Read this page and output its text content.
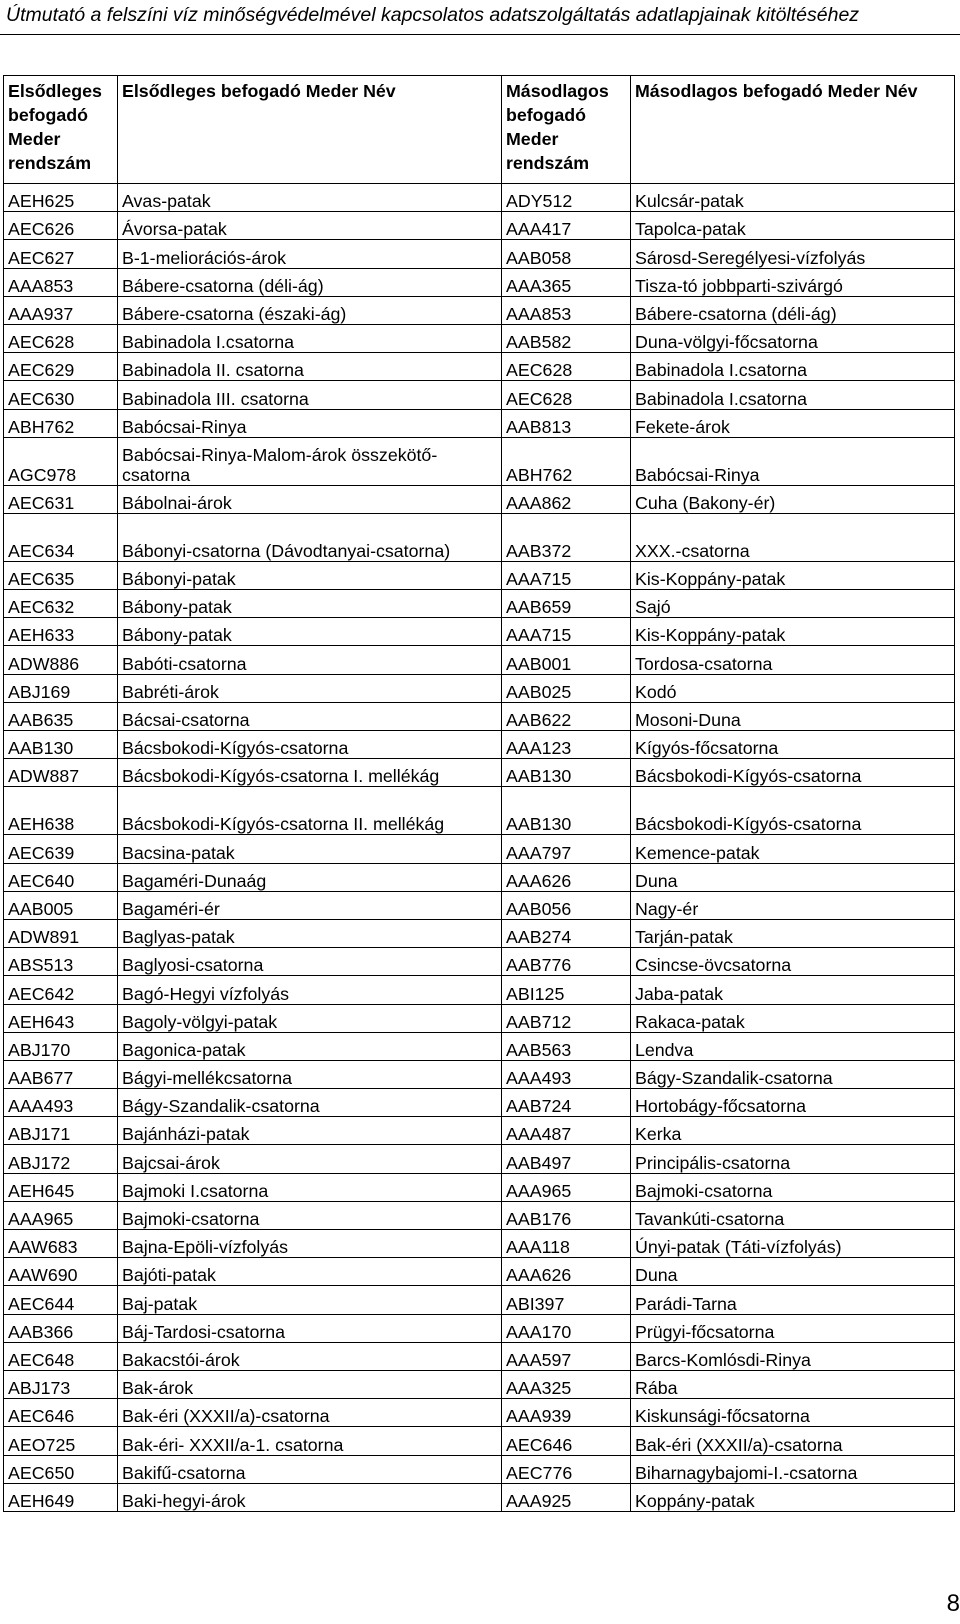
Útmutató a felszíni víz minőségvédelmével kapcsolatos adatszolgáltatás adatlapjainak kitöltéséhez
Elsődleges befogadó Meder rendszám	Elsődleges befogadó Meder Név	Másodlagos befogadó Meder rendszám	Másodlagos befogadó Meder Név
AEH625	Avas-patak	ADY512	Kulcsár-patak
AEC626	Ávorsa-patak	AAA417	Tapolca-patak
AEC627	B-1-meliorációs-árok	AAB058	Sárosd-Seregélyesi-vízfolyás
AAA853	Bábere-csatorna (déli-ág)	AAA365	Tisza-tó jobbparti-szivárgó
AAA937	Bábere-csatorna (északi-ág)	AAA853	Bábere-csatorna (déli-ág)
AEC628	Babinadola I.csatorna	AAB582	Duna-völgyi-főcsatorna
AEC629	Babinadola II. csatorna	AEC628	Babinadola I.csatorna
AEC630	Babinadola III. csatorna	AEC628	Babinadola I.csatorna
ABH762	Babócsai-Rinya	AAB813	Fekete-árok
AGC978	Babócsai-Rinya-Malom-árok összekötő-csatorna	ABH762	Babócsai-Rinya
AEC631	Bábolnai-árok	AAA862	Cuha (Bakony-ér)
AEC634	Bábonyi-csatorna (Dávodtanyai-csatorna)	AAB372	XXX.-csatorna
AEC635	Bábonyi-patak	AAA715	Kis-Koppány-patak
AEC632	Bábony-patak	AAB659	Sajó
AEH633	Bábony-patak	AAA715	Kis-Koppány-patak
ADW886	Babóti-csatorna	AAB001	Tordosa-csatorna
ABJ169	Babréti-árok	AAB025	Kodó
AAB635	Bácsai-csatorna	AAB622	Mosoni-Duna
AAB130	Bácsbokodi-Kígyós-csatorna	AAA123	Kígyós-főcsatorna
ADW887	Bácsbokodi-Kígyós-csatorna I. mellékág	AAB130	Bácsbokodi-Kígyós-csatorna
AEH638	Bácsbokodi-Kígyós-csatorna II. mellékág	AAB130	Bácsbokodi-Kígyós-csatorna
AEC639	Bacsina-patak	AAA797	Kemence-patak
AEC640	Bagaméri-Dunaág	AAA626	Duna
AAB005	Bagaméri-ér	AAB056	Nagy-ér
ADW891	Baglyas-patak	AAB274	Tarján-patak
ABS513	Baglyosi-csatorna	AAB776	Csincse-övcsatorna
AEC642	Bagó-Hegyi vízfolyás	ABI125	Jaba-patak
AEH643	Bagoly-völgyi-patak	AAB712	Rakaca-patak
ABJ170	Bagonica-patak	AAB563	Lendva
AAB677	Bágyi-mellékcsatorna	AAA493	Bágy-Szandalik-csatorna
AAA493	Bágy-Szandalik-csatorna	AAB724	Hortobágy-főcsatorna
ABJ171	Bajánházi-patak	AAA487	Kerka
ABJ172	Bajcsai-árok	AAB497	Principális-csatorna
AEH645	Bajmoki I.csatorna	AAA965	Bajmoki-csatorna
AAA965	Bajmoki-csatorna	AAB176	Tavankúti-csatorna
AAW683	Bajna-Epöli-vízfolyás	AAA118	Únyi-patak (Táti-vízfolyás)
AAW690	Bajóti-patak	AAA626	Duna
AEC644	Baj-patak	ABI397	Parádi-Tarna
AAB366	Báj-Tardosi-csatorna	AAA170	Prügyi-főcsatorna
AEC648	Bakacstói-árok	AAA597	Barcs-Komlósdi-Rinya
ABJ173	Bak-árok	AAA325	Rába
AEC646	Bak-éri (XXXII/a)-csatorna	AAA939	Kiskunsági-főcsatorna
AEO725	Bak-éri- XXXII/a-1. csatorna	AEC646	Bak-éri (XXXII/a)-csatorna
AEC650	Bakifű-csatorna	AEC776	Biharnagybajomi-I.-csatorna
AEH649	Baki-hegyi-árok	AAA925	Koppány-patak
8
